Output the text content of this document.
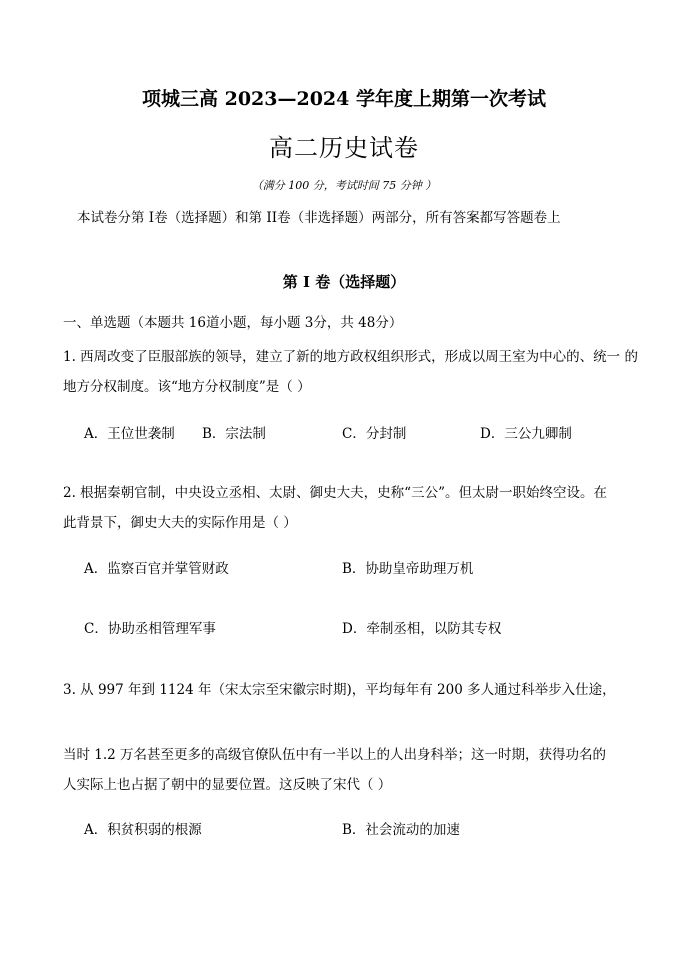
项城三高 2023—2024 学年度上期第一次考试
高二历史试卷
（满分 100 分，考试时间 75 分钟 ）
本试卷分第 I卷（选择题）和第 II卷（非选择题）两部分，所有答案都写答题卷上
第 I 卷（选择题）
一、单选题（本题共 16道小题，每小题 3分，共 48分）
1. 西周改变了臣服部族的领导，建立了新的地方政权组织形式，形成以周王室为中心的、统一 的
地方分权制度。该“地方分权制度”是（ ）
A．王位世袭制 B．宗法制	C．分封制	D．三公九卿制
2. 根据秦朝官制，中央设立丞相、太尉、御史大夫，史称“三公”。但太尉一职始终空设。在
此背景下，御史大夫的实际作用是（ ）
A．监察百官并掌管财政	B．协助皇帝助理万机
C．协助丞相管理军事	D．牵制丞相，以防其专权
3. 从 997 年到 1124 年（宋太宗至宋徽宗时期)，平均每年有 200 多人通过科举步入仕途，
当时 1.2 万名甚至更多的高级官僚队伍中有一半以上的人出身科举；这一时期，获得功名的
人实际上也占据了朝中的显要位置。这反映了宋代（ ）
A．积贫积弱的根源	B．社会流动的加速
